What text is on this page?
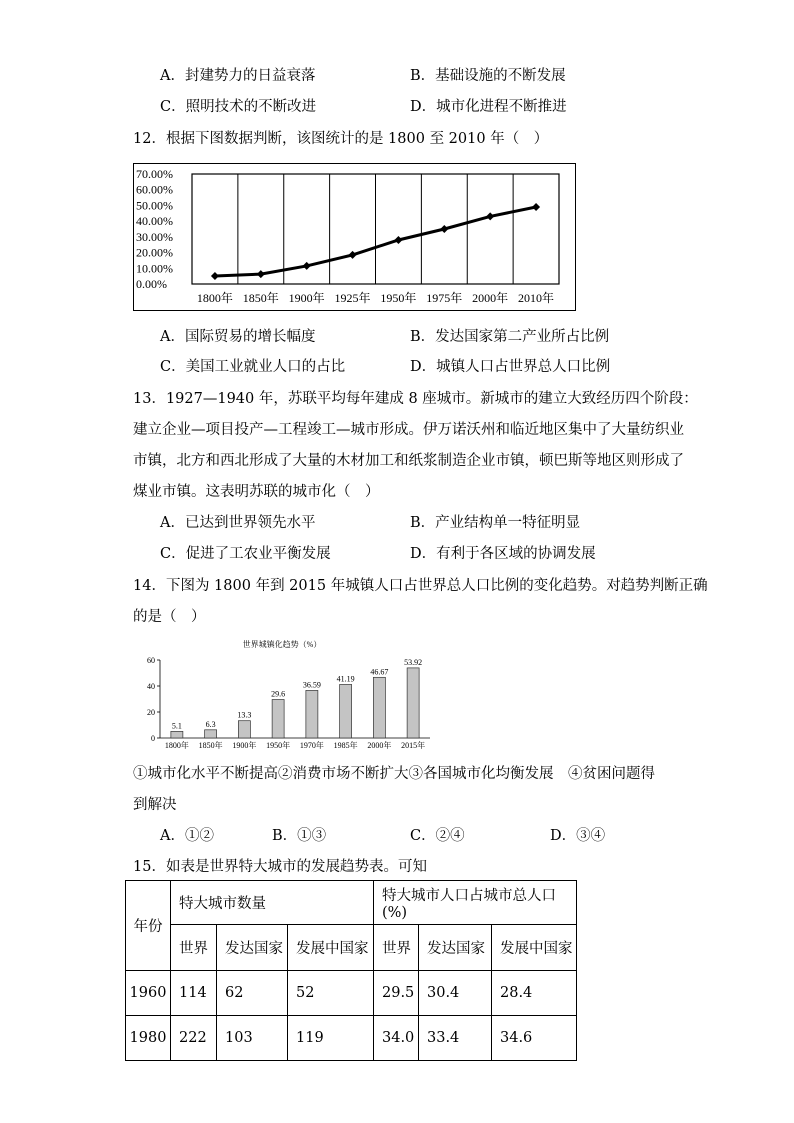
A．封建势力的日益衰落	B．基础设施的不断发展
C．照明技术的不断改进	D．城市化进程不断推进
12．根据下图数据判断，该图统计的是 1800 至 2010 年（　）
0.00%
10.00%
20.00%
30.00%
40.00%
50.00%
60.00%
70.00%
1800年 1850年 1900年 1925年 1950年 1975年 2000年 2010年
A．国际贸易的增长幅度	B．发达国家第二产业所占比例
C．美国工业就业人口的占比	D．城镇人口占世界总人口比例
13．1927—1940 年，苏联平均每年建成 8 座城市。新城市的建立大致经历四个阶段：
建立企业—项目投产—工程竣工—城市形成。伊万诺沃州和临近地区集中了大量纺织业
市镇，北方和西北形成了大量的木材加工和纸浆制造企业市镇，顿巴斯等地区则形成了
煤业市镇。这表明苏联的城市化（　）
A．已达到世界领先水平	B．产业结构单一特征明显
C．促进了工农业平衡发展	D．有利于各区域的协调发展
14．下图为 1800 年到 2015 年城镇人口占世界总人口比例的变化趋势。对趋势判断正确
的是（　）
世界城镇化趋势（%）
0
20
40
60
5.1
1800年
6.3
1850年
13.3
1900年
29.6
1950年
36.59
1970年
41.19
1985年
46.67
2000年
53.92
2015年
①城市化水平不断提高②消费市场不断扩大③各国城市化均衡发展　④贫困问题得
到解决
A．①②	B．①③	C．②④	D．③④
15．如表是世界特大城市的发展趋势表。可知
年份	特大城市数量			特大城市人口占城市总人口(%)		
	世界	发达国家	发展中国家	世界	发达国家	发展中国家
1960	114	62	52	29.5	30.4	28.4
1980	222	103	119	34.0	33.4	34.6
